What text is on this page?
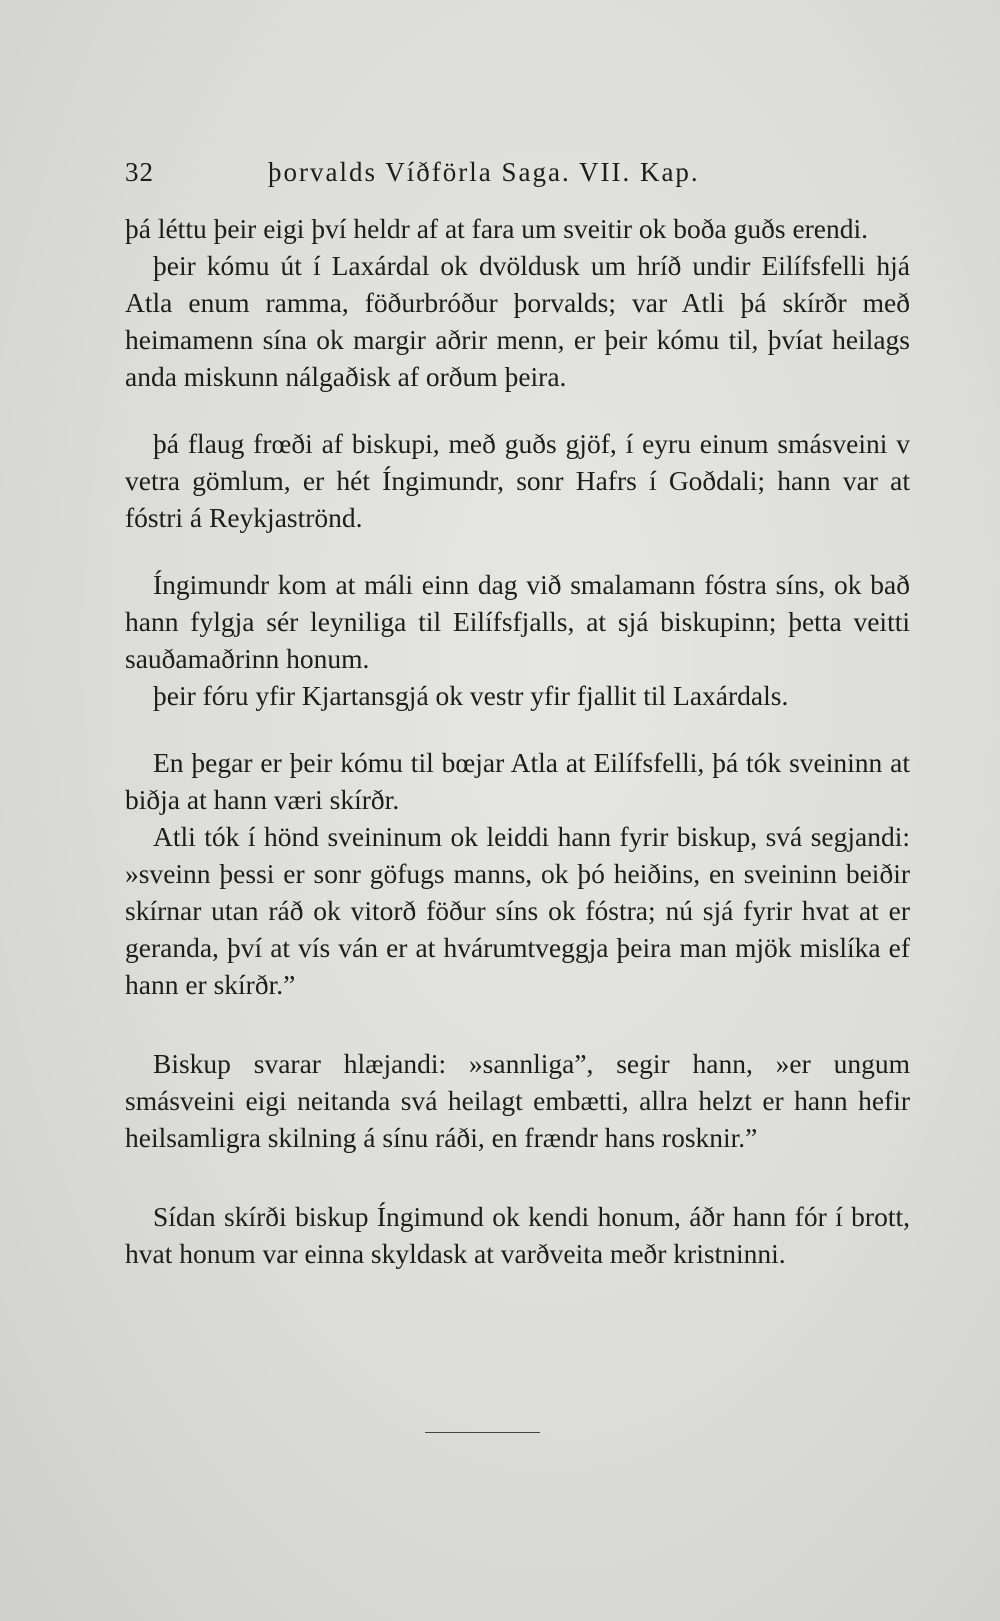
32	þorvalds Víðförla Saga. VII. Kap.

þá léttu þeir eigi því heldr af at fara um sveitir ok boða guðs erendi.

þeir kómu út í Laxárdal ok dvöldusk um hríð undir Eilífsfelli hjá Atla enum ramma, föðurbróður þorvalds; var Atli þá skírðr með heimamenn sína ok margir aðrir menn, er þeir kómu til, þvíat heilags anda miskunn nálgaðisk af orðum þeira.

þá flaug frœði af biskupi, með guðs gjöf, í eyru einum smásveini v vetra gömlum, er hét Íngimundr, sonr Hafrs í Goðdali; hann var at fóstri á Reykjaströnd.

Íngimundr kom at máli einn dag við smalamann fóstra síns, ok bað hann fylgja sér leyniliga til Eilífsfjalls, at sjá biskupinn; þetta veitti sauðamaðrinn honum.

þeir fóru yfir Kjartansgjá ok vestr yfir fjallit til Laxárdals.

En þegar er þeir kómu til bœjar Atla at Eilífsfelli, þá tók sveininn at biðja at hann væri skírðr.

Atli tók í hönd sveininum ok leiddi hann fyrir biskup, svá segjandi: »sveinn þessi er sonr göfugs manns, ok þó heiðins, en sveininn beiðir skírnar utan ráð ok vitorð föður síns ok fóstra; nú sjá fyrir hvat at er geranda, því at vís ván er at hvárumtveggja þeira man mjök mislíka ef hann er skírðr.”

Biskup svarar hlæjandi: »sannliga”, segir hann, »er ungum smásveini eigi neitanda svá heilagt embætti, allra helzt er hann hefir heilsamligra skilning á sínu ráði, en frændr hans rosknir.”

Sídan skírði biskup Íngimund ok kendi honum, áðr hann fór í brott, hvat honum var einna skyldask at varðveita meðr kristninni.
